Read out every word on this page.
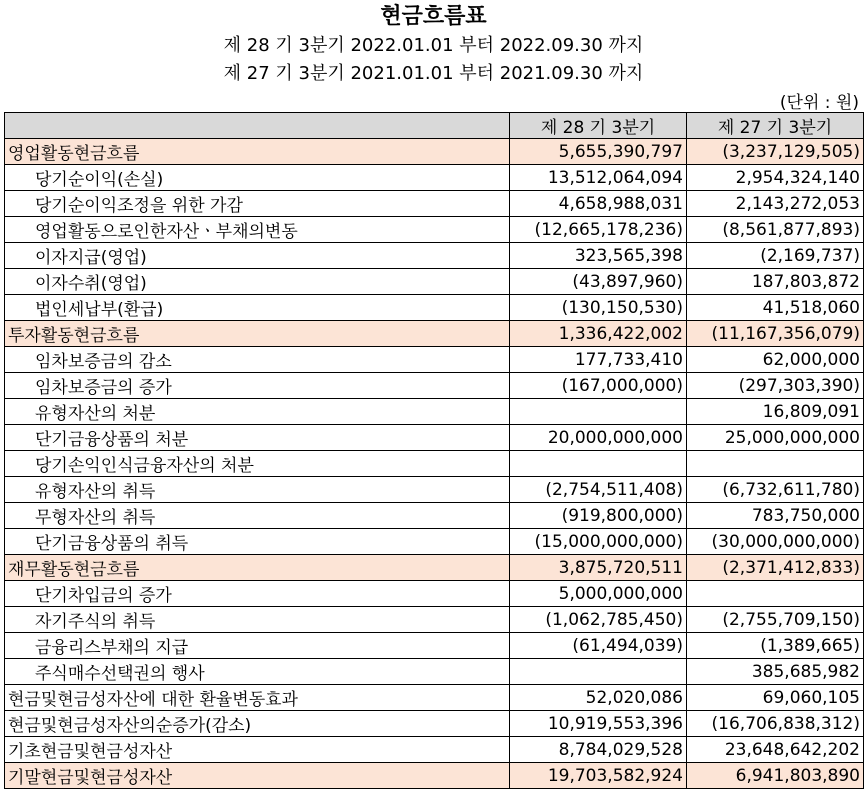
현금흐름표
제 28 기 3분기 2022.01.01 부터 2022.09.30 까지
제 27 기 3분기 2021.01.01 부터 2021.09.30 까지
(단위 : 원)
	제 28 기 3분기	제 27 기 3분기
영업활동현금흐름	5,655,390,797	(3,237,129,505)
당기순이익(손실)	13,512,064,094	2,954,324,140
당기순이익조정을 위한 가감	4,658,988,031	2,143,272,053
영업활동으로인한자산ㆍ부채의변동	(12,665,178,236)	(8,561,877,893)
이자지급(영업)	323,565,398	(2,169,737)
이자수취(영업)	(43,897,960)	187,803,872
법인세납부(환급)	(130,150,530)	41,518,060
투자활동현금흐름	1,336,422,002	(11,167,356,079)
임차보증금의 감소	177,733,410	62,000,000
임차보증금의 증가	(167,000,000)	(297,303,390)
유형자산의 처분		16,809,091
단기금융상품의 처분	20,000,000,000	25,000,000,000
당기손익인식금융자산의 처분		
유형자산의 취득	(2,754,511,408)	(6,732,611,780)
무형자산의 취득	(919,800,000)	783,750,000
단기금융상품의 취득	(15,000,000,000)	(30,000,000,000)
재무활동현금흐름	3,875,720,511	(2,371,412,833)
단기차입금의 증가	5,000,000,000	
자기주식의 취득	(1,062,785,450)	(2,755,709,150)
금융리스부채의 지급	(61,494,039)	(1,389,665)
주식매수선택권의 행사		385,685,982
현금및현금성자산에 대한 환율변동효과	52,020,086	69,060,105
현금및현금성자산의순증가(감소)	10,919,553,396	(16,706,838,312)
기초현금및현금성자산	8,784,029,528	23,648,642,202
기말현금및현금성자산	19,703,582,924	6,941,803,890
